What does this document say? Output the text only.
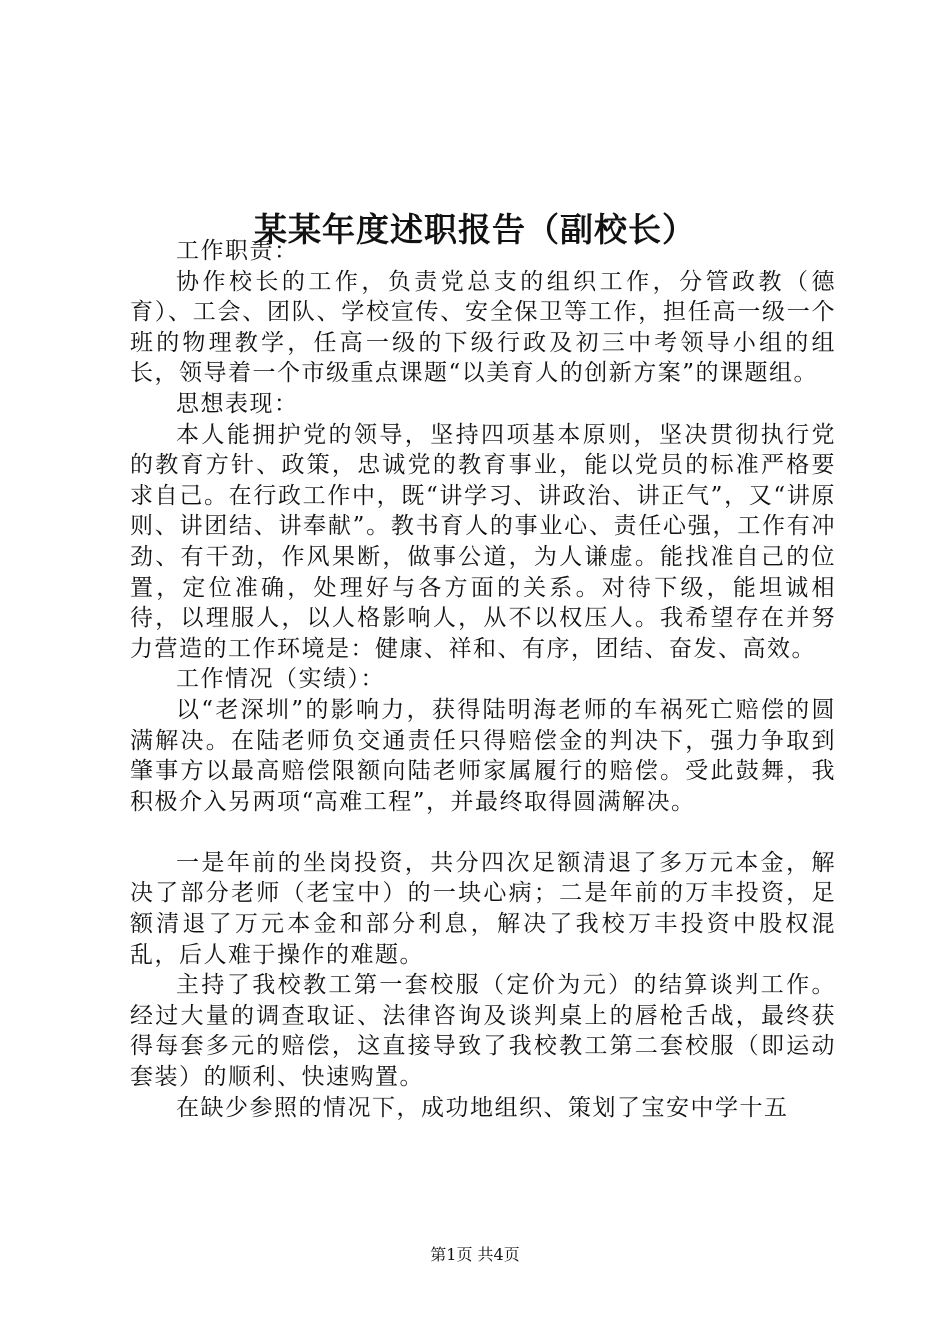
某某年度述职报告（副校长）

工作职责：

协作校长的工作，负责党总支的组织工作，分管政教（德育）、工会、团队、学校宣传、安全保卫等工作，担任高一级一个班的物理教学，任高一级的下级行政及初三中考领导小组的组长，领导着一个市级重点课题“以美育人的创新方案”的课题组。

思想表现：

本人能拥护党的领导，坚持四项基本原则，坚决贯彻执行党的教育方针、政策，忠诚党的教育事业，能以党员的标准严格要求自己。在行政工作中，既“讲学习、讲政治、讲正气”，又“讲原则、讲团结、讲奉献”。教书育人的事业心、责任心强，工作有冲劲、有干劲，作风果断，做事公道，为人谦虚。能找准自己的位置，定位准确，处理好与各方面的关系。对待下级，能坦诚相待，以理服人，以人格影响人，从不以权压人。我希望存在并努力营造的工作环境是：健康、祥和、有序，团结、奋发、高效。

工作情况（实绩）：

以“老深圳”的影响力，获得陆明海老师的车祸死亡赔偿的圆满解决。在陆老师负交通责任只得赔偿金的判决下，强力争取到肇事方以最高赔偿限额向陆老师家属履行的赔偿。受此鼓舞，我积极介入另两项“高难工程”，并最终取得圆满解决。

一是年前的坐岗投资，共分四次足额清退了多万元本金，解决了部分老师（老宝中）的一块心病；二是年前的万丰投资，足额清退了万元本金和部分利息，解决了我校万丰投资中股权混乱，后人难于操作的难题。

主持了我校教工第一套校服（定价为元）的结算谈判工作。经过大量的调查取证、法律咨询及谈判桌上的唇枪舌战，最终获得每套多元的赔偿，这直接导致了我校教工第二套校服（即运动套装）的顺利、快速购置。

在缺少参照的情况下，成功地组织、策划了宝安中学十五

第1页 共4页
